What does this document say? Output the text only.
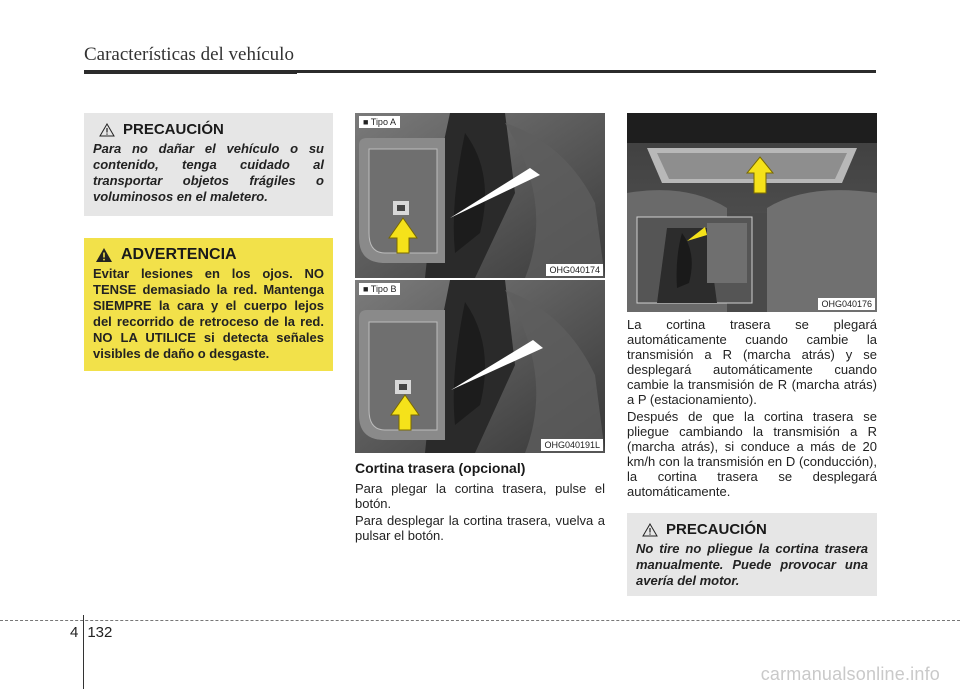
Características del vehículo
PRECAUCIÓN
Para no dañar el vehículo o su contenido, tenga cuidado al transportar objetos frágiles o voluminosos en el maletero.
ADVERTENCIA
Evitar lesiones en los ojos. NO TENSE demasiado la red. Mantenga SIEMPRE la cara y el cuerpo lejos del recorrido de retroceso de la red. NO LA UTILICE si detecta señales visibles de daño o desgaste.
■ Tipo A
OHG040174
■ Tipo B
OHG040191L
Cortina trasera (opcional)
Para plegar la cortina trasera, pulse el botón.
Para desplegar la cortina trasera, vuelva a pulsar el botón.
OHG040176
La cortina trasera se plegará automáticamente cuando cambie la transmisión a R (marcha atrás) y se desplegará automáticamente cuando cambie la transmisión de R (marcha atrás) a P (estacionamiento).
Después de que la cortina trasera se pliegue cambiando la transmisión a R (marcha atrás), si conduce a más de 20 km/h con la transmisión en D (conducción), la cortina trasera se desplegará automáticamente.
PRECAUCIÓN
No tire no pliegue la cortina trasera manualmente. Puede provocar una avería del motor.
4 132
carmanualsonline.info
